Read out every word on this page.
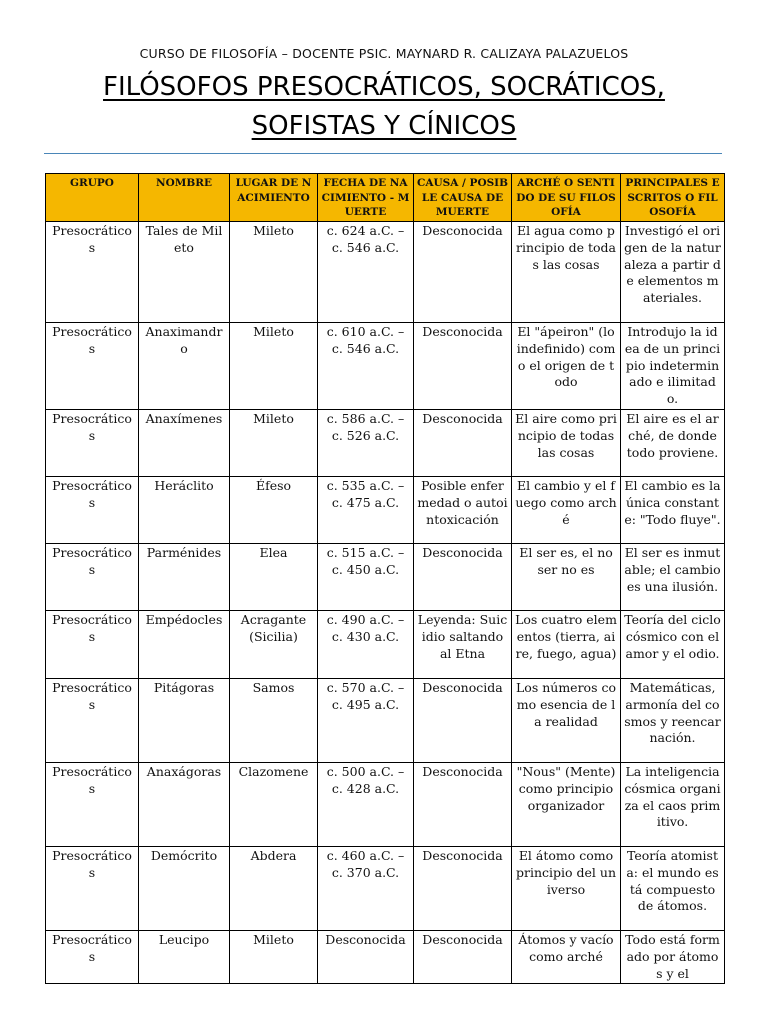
CURSO DE FILOSOFÍA – DOCENTE PSIC. MAYNARD R. CALIZAYA PALAZUELOS
FILÓSOFOS PRESOCRÁTICOS, SOCRÁTICOS,
SOFISTAS Y CÍNICOS
GRUPO	NOMBRE	LUGAR DE NACIMIENTO	FECHA DE NACIMIENTO - MUERTE	CAUSA / POSIBLE CAUSA DE MUERTE	ARCHÉ O SENTIDO DE SU FILOSOFÍA	PRINCIPALES ESCRITOS O FILOSOFÍA
Presocráticos	Tales de Mileto	Mileto	c. 624 a.C. – c. 546 a.C.	Desconocida	El agua como principio de todas las cosas	Investigó el origen de la naturaleza a partir de elementos materiales.
Presocráticos	Anaximandro	Mileto	c. 610 a.C. – c. 546 a.C.	Desconocida	El "ápeiron" (lo indefinido) como el origen de todo	Introdujo la idea de un principio indeterminado e ilimitado.
Presocráticos	Anaxímenes	Mileto	c. 586 a.C. – c. 526 a.C.	Desconocida	El aire como principio de todas las cosas	El aire es el arché, de donde todo proviene.
Presocráticos	Heráclito	Éfeso	c. 535 a.C. – c. 475 a.C.	Posible enfermedad o autointoxicación	El cambio y el fuego como arché	El cambio es la única constante: "Todo fluye".
Presocráticos	Parménides	Elea	c. 515 a.C. – c. 450 a.C.	Desconocida	El ser es, el no ser no es	El ser es inmutable; el cambio es una ilusión.
Presocráticos	Empédocles	Acragante (Sicilia)	c. 490 a.C. – c. 430 a.C.	Leyenda: Suicidio saltando al Etna	Los cuatro elementos (tierra, aire, fuego, agua)	Teoría del ciclo cósmico con el amor y el odio.
Presocráticos	Pitágoras	Samos	c. 570 a.C. – c. 495 a.C.	Desconocida	Los números como esencia de la realidad	Matemáticas, armonía del cosmos y reencarnación.
Presocráticos	Anaxágoras	Clazomene	c. 500 a.C. – c. 428 a.C.	Desconocida	"Nous" (Mente) como principio organizador	La inteligencia cósmica organiza el caos primitivo.
Presocráticos	Demócrito	Abdera	c. 460 a.C. – c. 370 a.C.	Desconocida	El átomo como principio del universo	Teoría atomista: el mundo está compuesto de átomos.
Presocráticos	Leucipo	Mileto	Desconocida	Desconocida	Átomos y vacío como arché	Todo está formado por átomos y el
